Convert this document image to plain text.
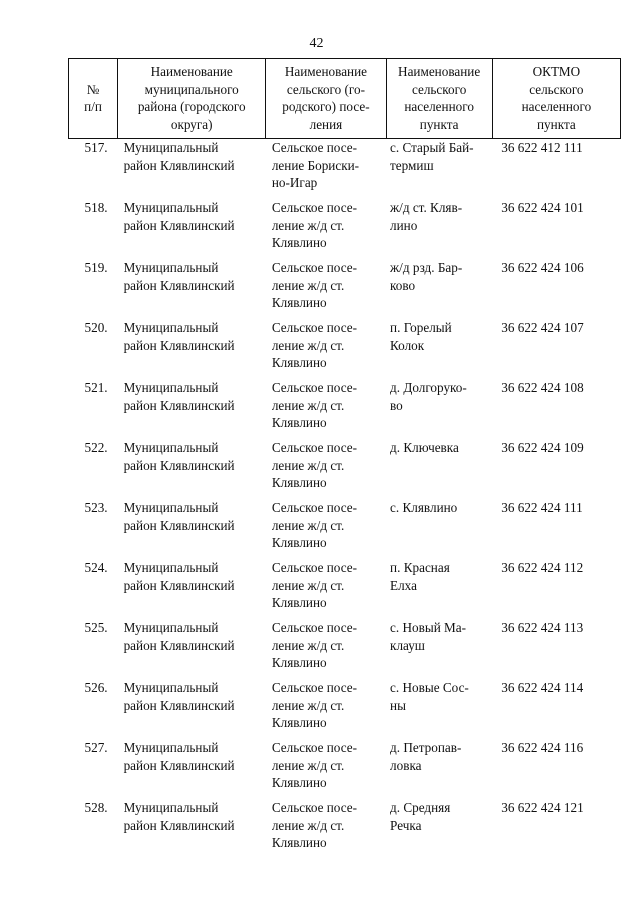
42
№
п/п	Наименование
муниципального
района (городского
округа)	Наименование
сельского (го-
родского) посе-
ления	Наименование
сельского
населенного
пункта	ОКТМО
сельского
населенного
пункта

517.	Муниципальный
район Клявлинский	Сельское посе-
ление Бориски-
но-Игар	с. Старый Бай-
термиш	36 622 412 111
518.	Муниципальный
район Клявлинский	Сельское посе-
ление ж/д ст.
Клявлино	ж/д ст. Кляв-
лино	36 622 424 101
519.	Муниципальный
район Клявлинский	Сельское посе-
ление ж/д ст.
Клявлино	ж/д рзд. Бар-
ково	36 622 424 106
520.	Муниципальный
район Клявлинский	Сельское посе-
ление ж/д ст.
Клявлино	п. Горелый
Колок	36 622 424 107
521.	Муниципальный
район Клявлинский	Сельское посе-
ление ж/д ст.
Клявлино	д. Долгоруко-
во	36 622 424 108
522.	Муниципальный
район Клявлинский	Сельское посе-
ление ж/д ст.
Клявлино	д. Ключевка	36 622 424 109
523.	Муниципальный
район Клявлинский	Сельское посе-
ление ж/д ст.
Клявлино	с. Клявлино	36 622 424 111
524.	Муниципальный
район Клявлинский	Сельское посе-
ление ж/д ст.
Клявлино	п. Красная
Елха	36 622 424 112
525.	Муниципальный
район Клявлинский	Сельское посе-
ление ж/д ст.
Клявлино	с. Новый Ма-
клауш	36 622 424 113
526.	Муниципальный
район Клявлинский	Сельское посе-
ление ж/д ст.
Клявлино	с. Новые Сос-
ны	36 622 424 114
527.	Муниципальный
район Клявлинский	Сельское посе-
ление ж/д ст.
Клявлино	д. Петропав-
ловка	36 622 424 116
528.	Муниципальный
район Клявлинский	Сельское посе-
ление ж/д ст.
Клявлино	д. Средняя
Речка	36 622 424 121
